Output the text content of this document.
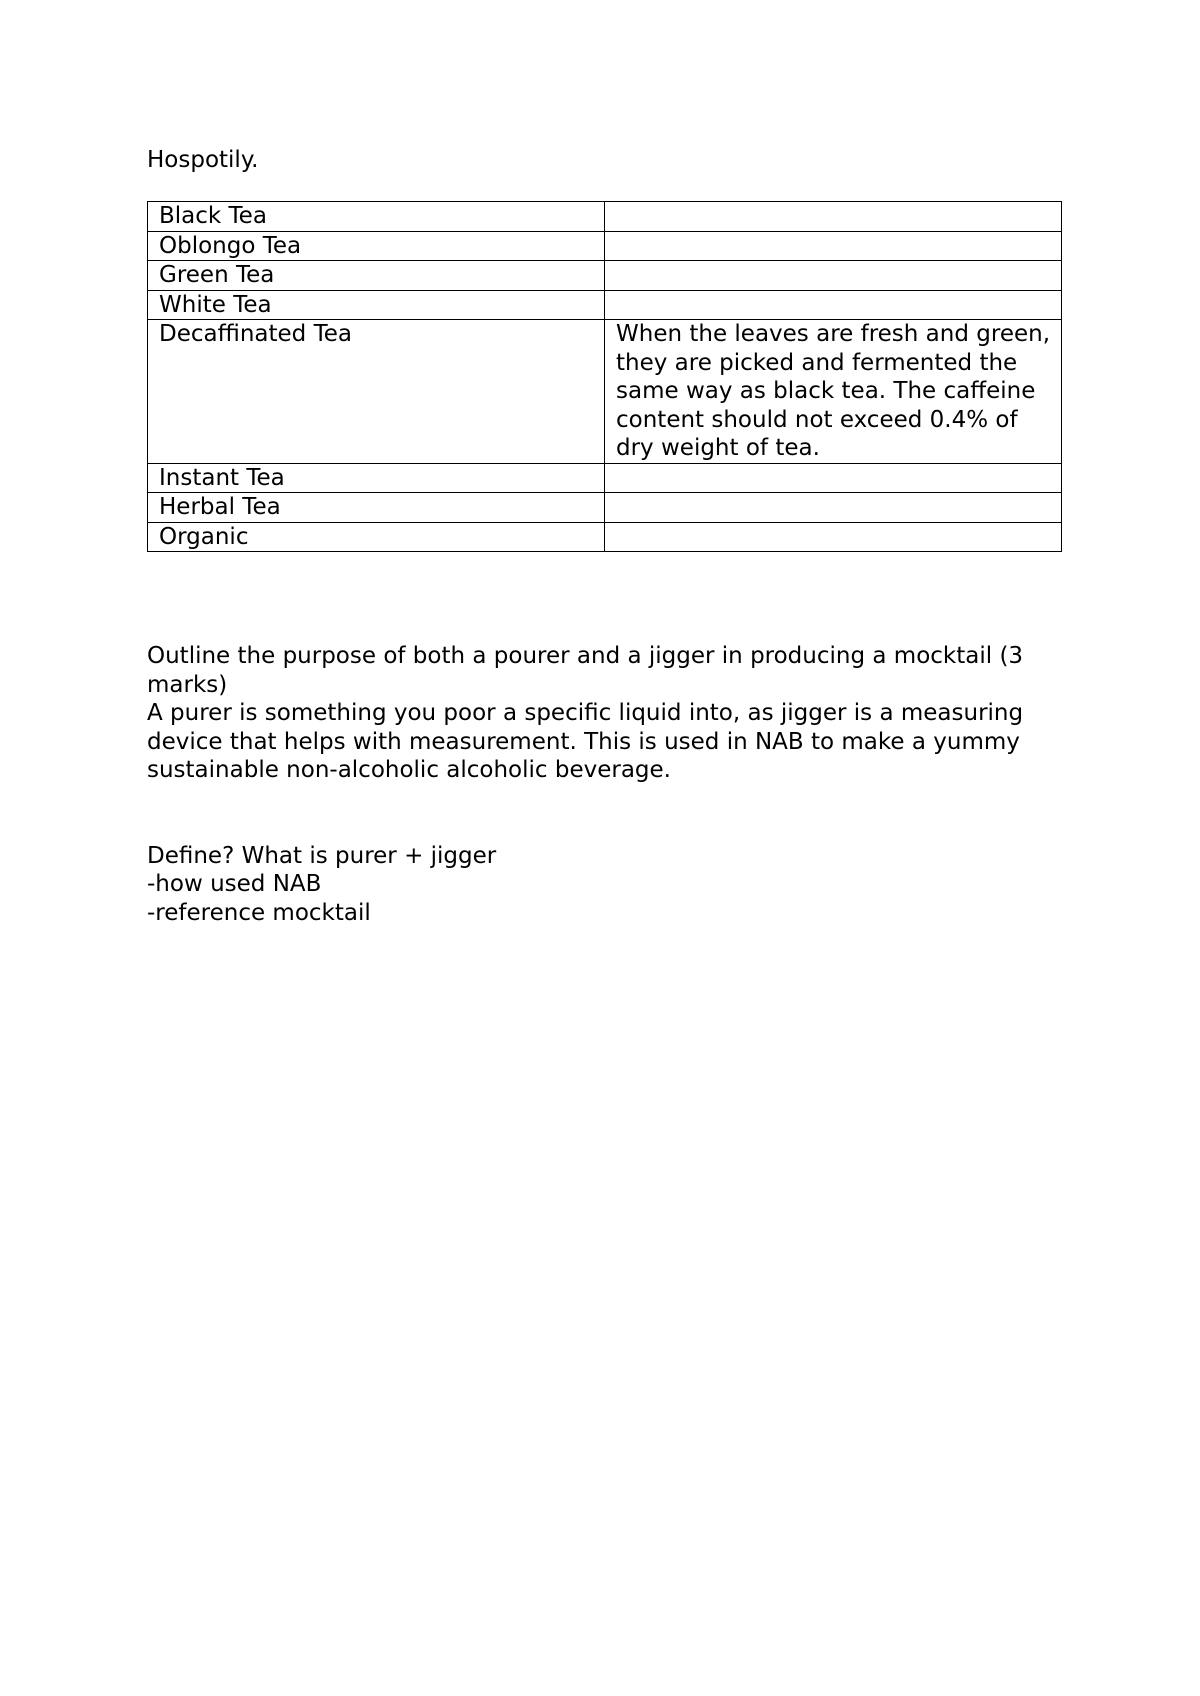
Hospotily.

Black Tea	
Oblongo Tea	
Green Tea	
White Tea	
Decaffinated Tea	When the leaves are fresh and green, they are picked and fermented the same way as black tea. The caffeine content should not exceed 0.4% of dry weight of tea.
Instant Tea	
Herbal Tea	
Organic	

Outline the purpose of both a pourer and a jigger in producing a mocktail (3 marks)

A purer is something you poor a specific liquid into, as jigger is a measuring device that helps with measurement. This is used in NAB to make a yummy sustainable non-alcoholic alcoholic beverage.

Define? What is purer + jigger

-how used NAB

-reference mocktail
